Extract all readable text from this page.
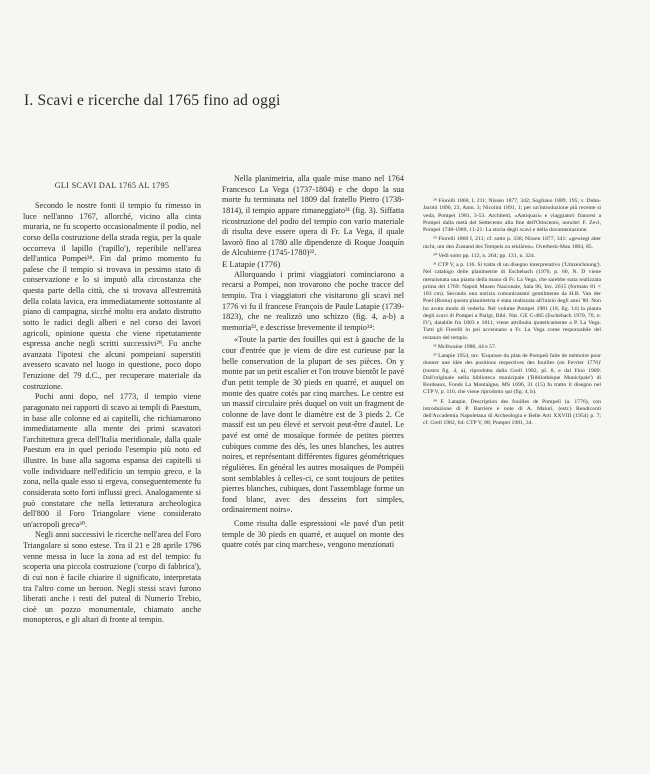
I. Scavi e ricerche dal 1765 fino ad oggi
GLI SCAVI DAL 1765 AL 1795

Secondo le nostre fonti il tempio fu rimesso in luce nell'anno 1767, allorché, vicino alla cinta muraria, ne fu scoperto occasionalmente il podio, nel corso della costruzione della strada regia, per la quale occorreva il lapillo ('rapillo'), reperibile nell'area dell'antica Pompei²⁸. Fin dal primo momento fu palese che il tempio si trovava in pessimo stato di conservazione e lo si imputò alla circostanza che questa parte della città, che si trovava all'estremità della colata lavica, era immediatamente sottostante al piano di campagna, sicché molto era andato distrutto sotto le radici degli alberi e nel corso dei lavori agricoli, opinione questa che viene ripetutamente espressa anche negli scritti successivi²⁹. Fu anche avanzata l'ipotesi che alcuni pompeiani superstiti avessero scavato nel luogo in questione, poco dopo l'eruzione del 79 d.C., per recuperare materiale da costruzione.

Pochi anni dopo, nel 1773, il tempio viene paragonato nei rapporti di scavo ai templi di Paestum, in base alle colonne ed ai capitelli, che richiamarono immediatamente alla mente dei primi scavatori l'architettura greca dell'Italia meridionale, dalla quale Paestum era in quel periodo l'esempio più noto ed illustre. In base alla sagoma espansa dei capitelli si volle individuare nell'edificio un tempio greco, e la zona, nella quale esso si ergeva, conseguentemente fu considerata sotto forti influssi greci. Analogamente si può constatare che nella letteratura archeologica dell'800 il Foro Triangolare viene considerato un'acropoli greca³⁰.

Negli anni successivi le ricerche nell'area del Foro Triangolare si sono estese. Tra il 21 e 28 aprile 1796 venne messa in luce la zona ad est del tempio: fu scoperta una piccola costruzione ('corpo di fabbrica'), di cui non è facile chiarire il significato, interpretata tra l'altro come un heroon. Negli stessi scavi furono liberati anche i resti del puteal di Numerio Trebio, cioè un pozzo monumentale, chiamato anche monopteros, e gli altari di fronte al tempio.

Nella planimetria, alla quale mise mano nel 1764 Francesco La Vega (1737-1804) e che dopo la sua morte fu terminata nel 1809 dal fratello Pietro (1738-1814), il tempio appare rimaneggiato³¹ (fig. 3). Siffatta ricostruzione del podio del tempio con vario materiale di risulta deve essere opera di Fr. La Vega, il quale lavorò fino al 1780 alle dipendenze di Roque Joaquín de Alcubierre (1745-1780)³².

E Latapie (1776)

Allorquando i primi viaggiatori cominciarono a recarsi a Pompei, non trovarono che poche tracce del tempio. Tra i viaggiatori che visitarono gli scavi nel 1776 vi fu il francese François de Paule Latapie (1739-1823), che ne realizzò uno schizzo (fig. 4, a-b) a memoria³³, e descrisse brevemente il tempio³⁴:

«Toute la partie des fouilles qui est à gauche de la cour d'entrée que je viens de dire est curieuse par la belle conservation de la plupart de ses pièces. On y monte par un petit escalier et l'on trouve bientôt le pavé d'un petit temple de 30 pieds en quarré, et auquel on monte des quatre cotés par cinq marches. Le centre est un massif circulaire près duquel on voit un fragment de colonne de lave dont le diamètre est de 3 pieds 2. Ce massif est un peu élevé et servoit peut-être d'autel. Le pavé est orné de mosaïque formée de petites pierres cubiques comme des dés, les unes blanches, les autres noires, et représentant différentes figures géométriques régulières. En général les autres mosaïques de Pompéii sont semblables à celles-ci, ce sont toujours de petites pierres blanches, cubiques, dont l'assemblage forme un fond blanc, avec des desseins fort simples, ordinairement noirs».

Come risulta dalle espressioni «le pavé d'un petit temple de 30 pieds en quarré, et auquel on monte des quatre cotés par cinq marches», vengono menzionati

²⁸ Fiorelli 1860, I, 211; Nissen 1877, 342; Sogliano 1889, 195; v. Duhn-Jacobi 1890, 23, Anm. 3; Nicolini 1891, 1; per un'introduzione più recente si veda, Pompei 1981, 3-53. Architetti, «Antiquari» e viaggiatori francesi a Pompei dalla metà del Settecento alla fine dell'Ottocento, nonché: F. Zevi, Pompei 1748-1980, 11-21: La storia degli scavi e della documentazione.

²⁹ Fiorelli 1860 I, 211; cf. sotto p. 338; Nissen 1877, 341: «gewiegt aber nicht, um den Zustand des Tempels zu erklären». Overbeck-Mau 1884, 85.

³⁰ Vedi sotto pp. 112, n. 264; pp. 131, n. 324.

³¹ CTP V, a p. 116. Si tratta di un disegno interpretativo ('Umzeichnung'). Nel catalogo delle planimetrie di Eschebach (1970, p. 60, N. D viene menzionata una pianta della mano di Fr. La Vega, che sarebbe stata realizzata prima del 1769: Napoli Museo Nazionale, Sala 96, Inv. 2615 (formato 81 × 183 cm). Secondo una notizia comunicatami gentilmente da H.B. Van der Poel (Roma) questa planimetria è stata realizzata all'inizio degli anni '80. Non ho avuto modo di vederla. Nel volume Pompei 1981 (18, fig. 14) la pianta degli scavi di Pompei a Parigi, Bibl. Nat. GE C-485 (Eschebach 1970, 70, n. IV), databile fra 1803 e 1811, viene attribuita ipoteticamente a P. La Vega. Tutti gli Fiorelli in poi accennano a Fr. La Vega come responsabile del restauro del tempio.

³² McIlwaine 1988, 44 e 57.

³³ Latapie 1954, tav. 'Esquisse du plan de Pompeïi faite de mémoire pour donner une idée des positions respectives des fouilles (en Fevrier 1776)' (nostra fig. 4, a), riprodotta dalla Grell 1982, pl. 8, e dal Fino 1989. Dall'originale nella biblioteca municipale ('Bibliothèque Municipale') di Bordeaux, Fonds La Montaigne, MS 1696, 31 (15) fu tratto il disegno nel CTP V, p. 110, che viene riprodotto qui (fig. 4, b).

³⁴ F. Latapie, Description des fouilles de Pompeïi (a. 1776), con introduzione di P. Barrière e note di A. Maiuri, (estr.) Rendiconti dell'Accademia Napoletana di Archeologia e Belle Arti XXVIII (1954) p. 7; cf. Grell 1982, 64; CTP V, 98; Pompei 1981, 34.
